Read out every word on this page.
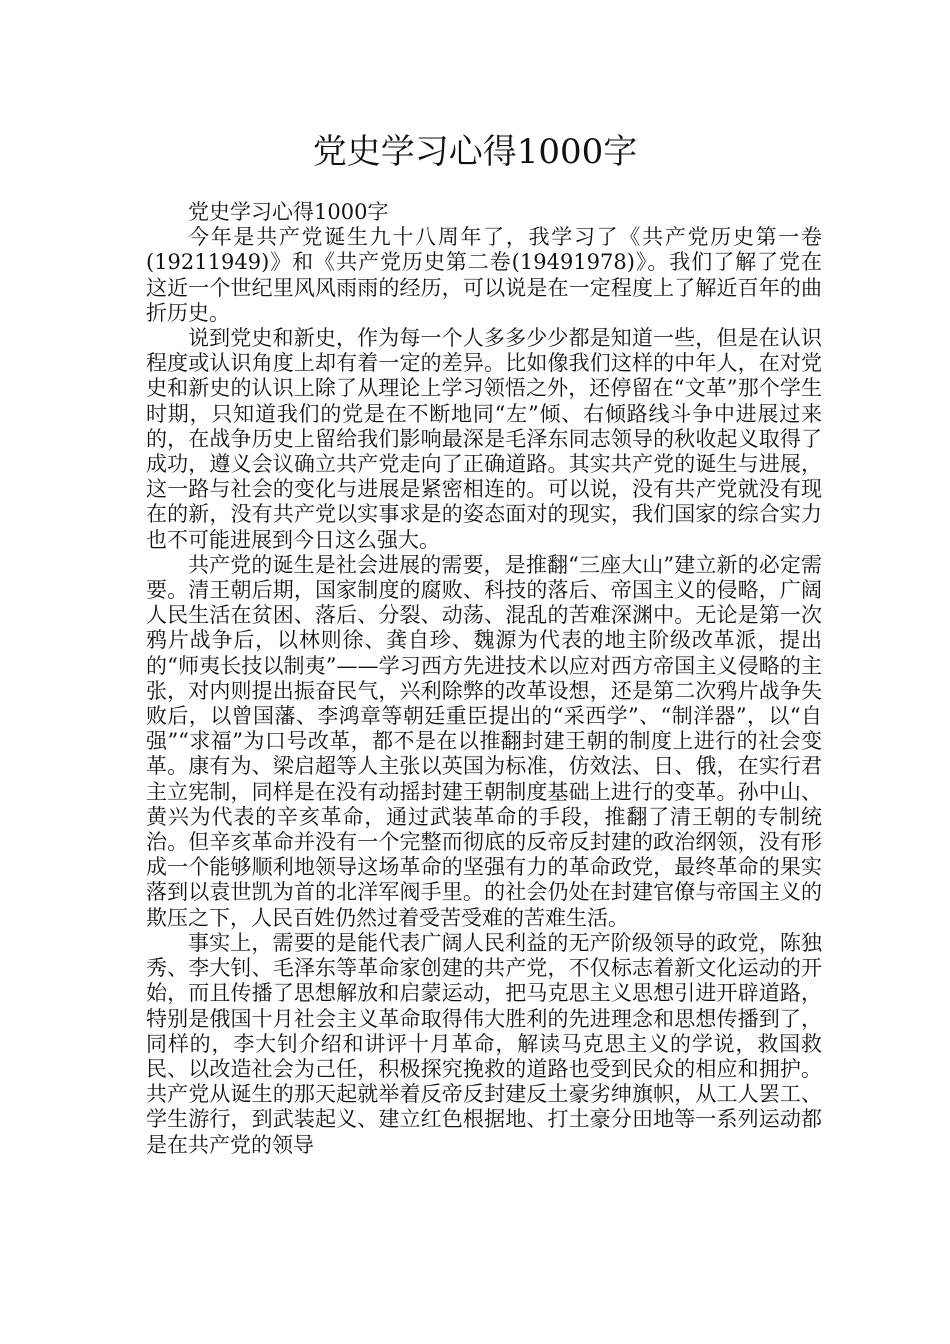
党史学习心得1000字

党史学习心得1000字

今年是共产党诞生九十八周年了，我学习了《共产党历史第一卷(19211949)》和《共产党历史第二卷(19491978)》。我们了解了党在这近一个世纪里风风雨雨的经历，可以说是在一定程度上了解近百年的曲折历史。

说到党史和新史，作为每一个人多多少少都是知道一些，但是在认识程度或认识角度上却有着一定的差异。比如像我们这样的中年人，在对党史和新史的认识上除了从理论上学习领悟之外，还停留在“文革”那个学生时期，只知道我们的党是在不断地同“左”倾、右倾路线斗争中进展过来的，在战争历史上留给我们影响最深是毛泽东同志领导的秋收起义取得了成功，遵义会议确立共产党走向了正确道路。其实共产党的诞生与进展，这一路与社会的变化与进展是紧密相连的。可以说，没有共产党就没有现在的新，没有共产党以实事求是的姿态面对的现实，我们国家的综合实力也不可能进展到今日这么强大。

共产党的诞生是社会进展的需要，是推翻“三座大山”建立新的必定需要。清王朝后期，国家制度的腐败、科技的落后、帝国主义的侵略，广阔人民生活在贫困、落后、分裂、动荡、混乱的苦难深渊中。无论是第一次鸦片战争后，以林则徐、龚自珍、魏源为代表的地主阶级改革派，提出的“师夷长技以制夷”——学习西方先进技术以应对西方帝国主义侵略的主张，对内则提出振奋民气，兴利除弊的改革设想，还是第二次鸦片战争失败后，以曾国藩、李鸿章等朝廷重臣提出的“采西学”、“制洋器”，以“自强”“求福”为口号改革，都不是在以推翻封建王朝的制度上进行的社会变革。康有为、梁启超等人主张以英国为标准，仿效法、日、俄，在实行君主立宪制，同样是在没有动摇封建王朝制度基础上进行的变革。孙中山、黄兴为代表的辛亥革命，通过武装革命的手段，推翻了清王朝的专制统治。但辛亥革命并没有一个完整而彻底的反帝反封建的政治纲领，没有形成一个能够顺利地领导这场革命的坚强有力的革命政党，最终革命的果实落到以袁世凯为首的北洋军阀手里。的社会仍处在封建官僚与帝国主义的欺压之下，人民百姓仍然过着受苦受难的苦难生活。

事实上，需要的是能代表广阔人民利益的无产阶级领导的政党，陈独秀、李大钊、毛泽东等革命家创建的共产党，不仅标志着新文化运动的开始，而且传播了思想解放和启蒙运动，把马克思主义思想引进开辟道路，特别是俄国十月社会主义革命取得伟大胜利的先进理念和思想传播到了，同样的，李大钊介绍和讲评十月革命，解读马克思主义的学说，救国救民、以改造社会为己任，积极探究挽救的道路也受到民众的相应和拥护。共产党从诞生的那天起就举着反帝反封建反土豪劣绅旗帜，从工人罢工、学生游行，到武装起义、建立红色根据地、打土豪分田地等一系列运动都是在共产党的领导
